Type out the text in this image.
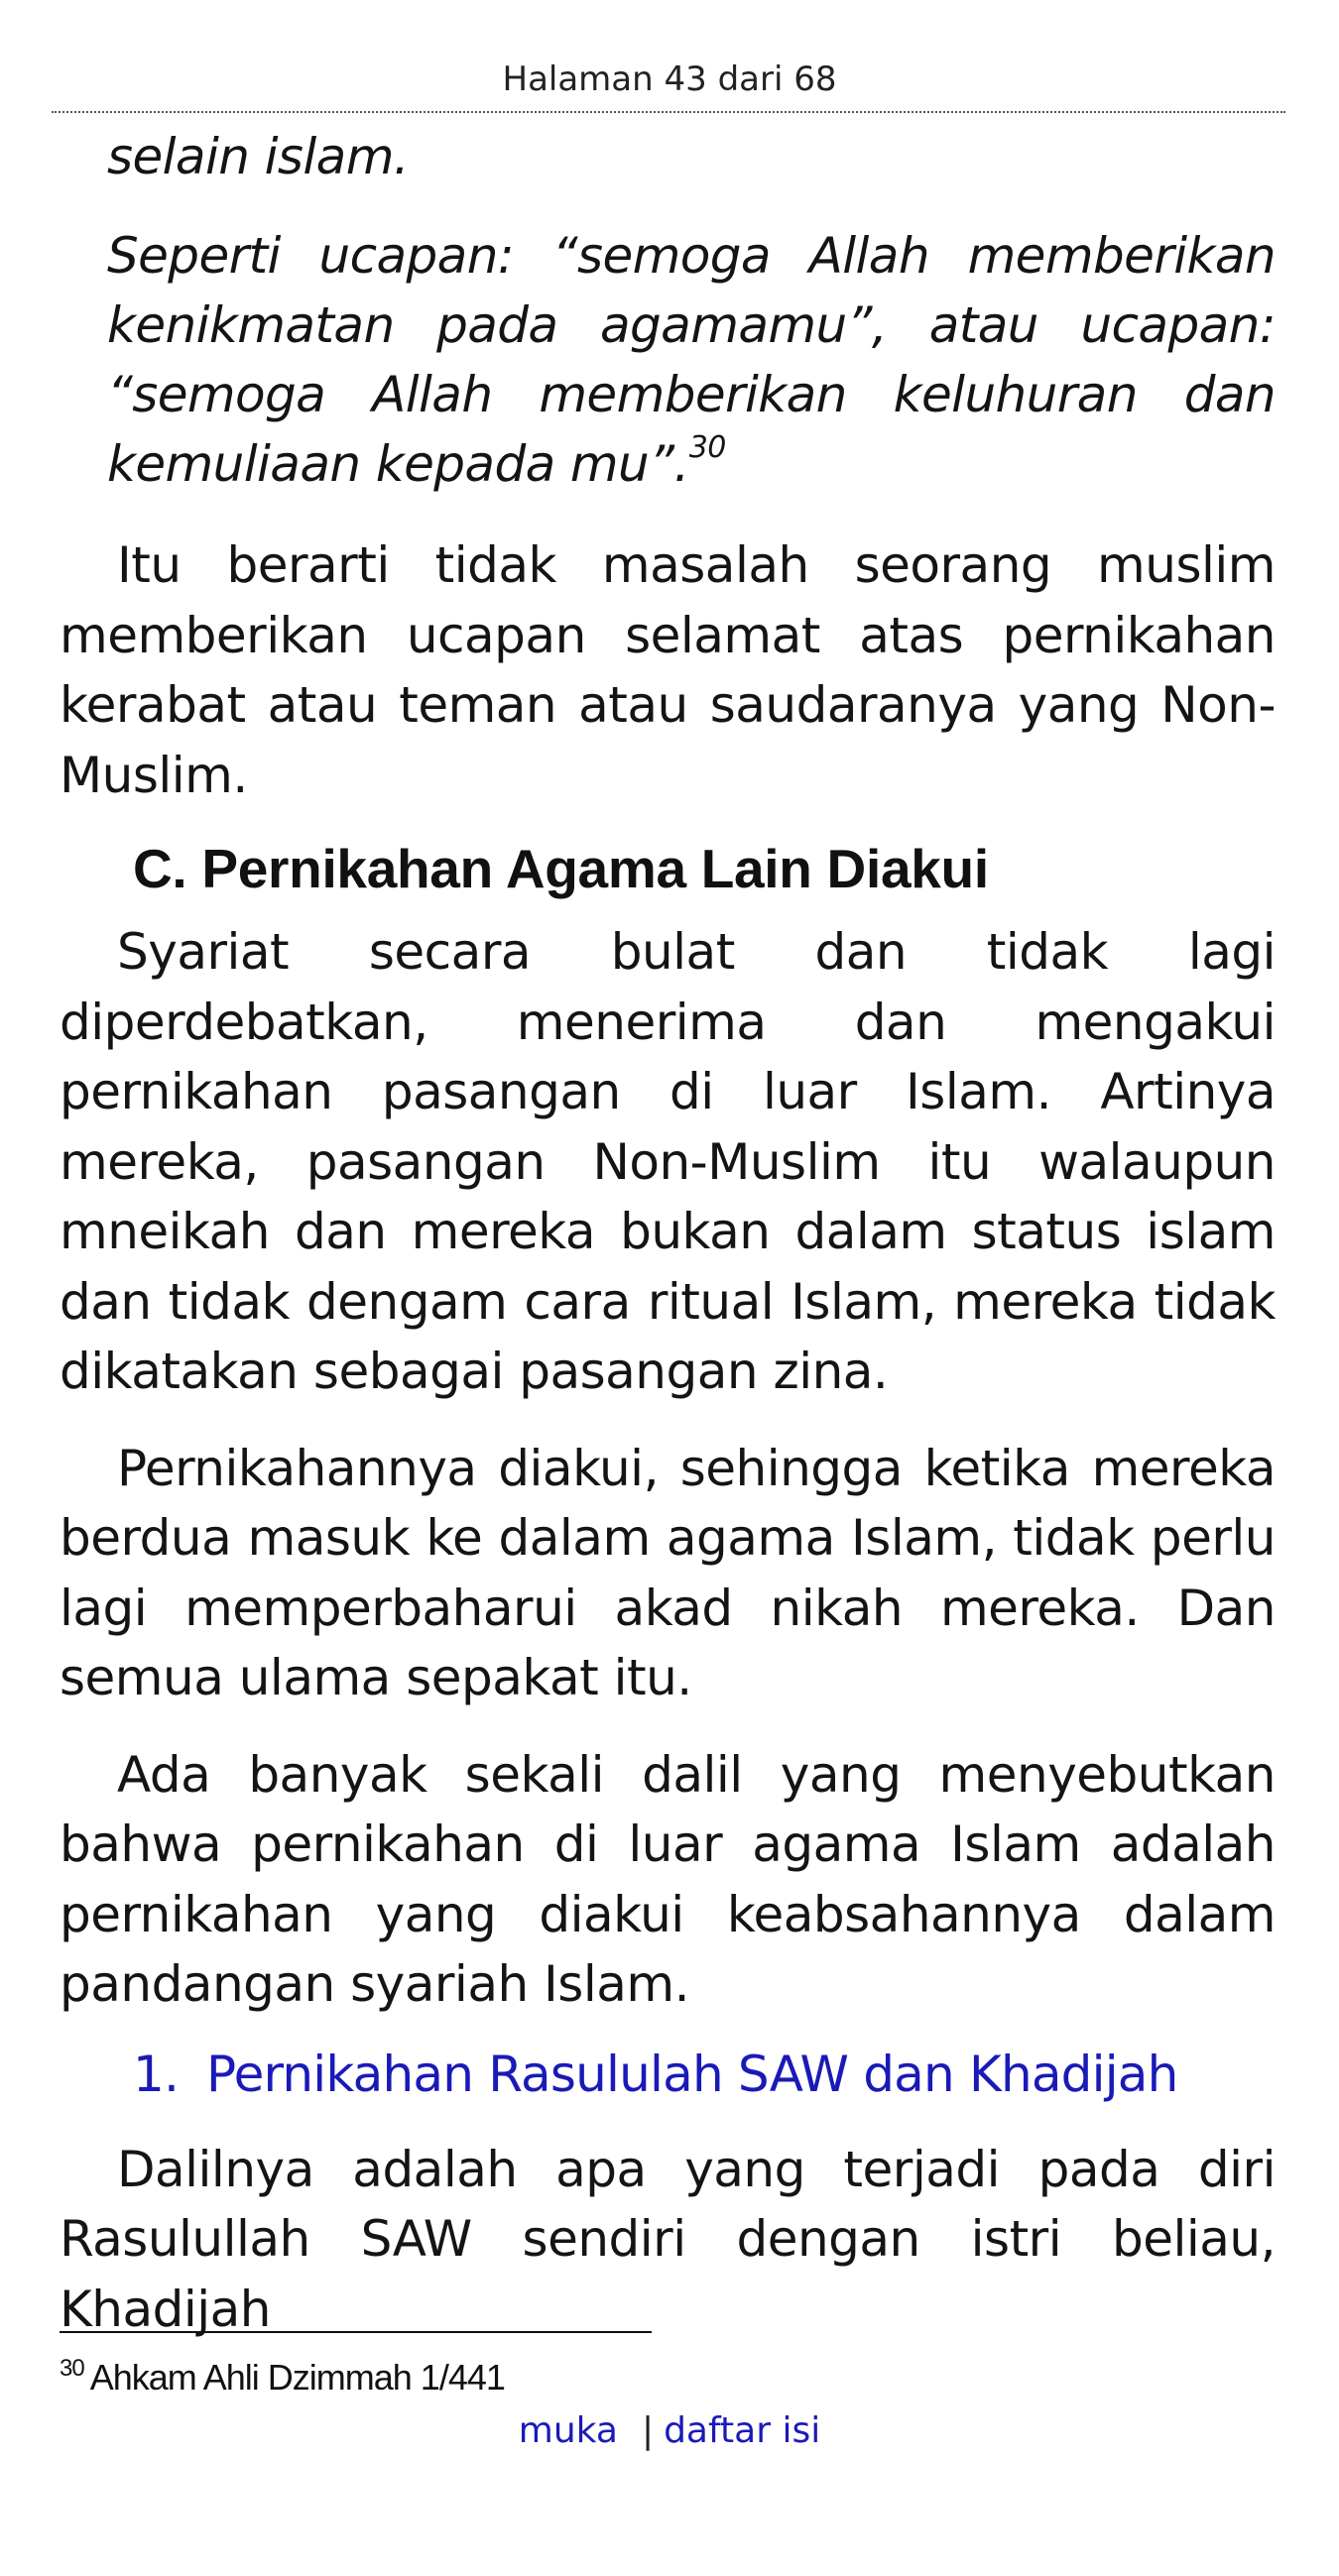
Halaman 43 dari 68

selain islam.

Seperti ucapan: “semoga Allah memberikan kenikmatan pada agamamu”, atau ucapan: “semoga Allah memberikan keluhuran dan kemuliaan kepada mu”.$^{30}$

Itu berarti tidak masalah seorang muslim memberikan ucapan selamat atas pernikahan kerabat atau teman atau saudaranya yang Non-Muslim.

C. Pernikahan Agama Lain Diakui

Syariat secara bulat dan tidak lagi diperdebatkan, menerima dan mengakui pernikahan pasangan di luar Islam. Artinya mereka, pasangan Non-Muslim itu walaupun mneikah dan mereka bukan dalam status islam dan tidak dengam cara ritual Islam, mereka tidak dikatakan sebagai pasangan zina.

Pernikahannya diakui, sehingga ketika mereka berdua masuk ke dalam agama Islam, tidak perlu lagi memperbaharui akad nikah mereka. Dan semua ulama sepakat itu.

Ada banyak sekali dalil yang menyebutkan bahwa pernikahan di luar agama Islam adalah pernikahan yang diakui keabsahannya dalam pandangan syariah Islam.

1. Pernikahan Rasululah SAW dan Khadijah

Dalilnya adalah apa yang terjadi pada diri Rasulullah SAW sendiri dengan istri beliau, Khadijah

$^{30}$ Ahkam Ahli Dzimmah 1/441
muka | daftar isi
